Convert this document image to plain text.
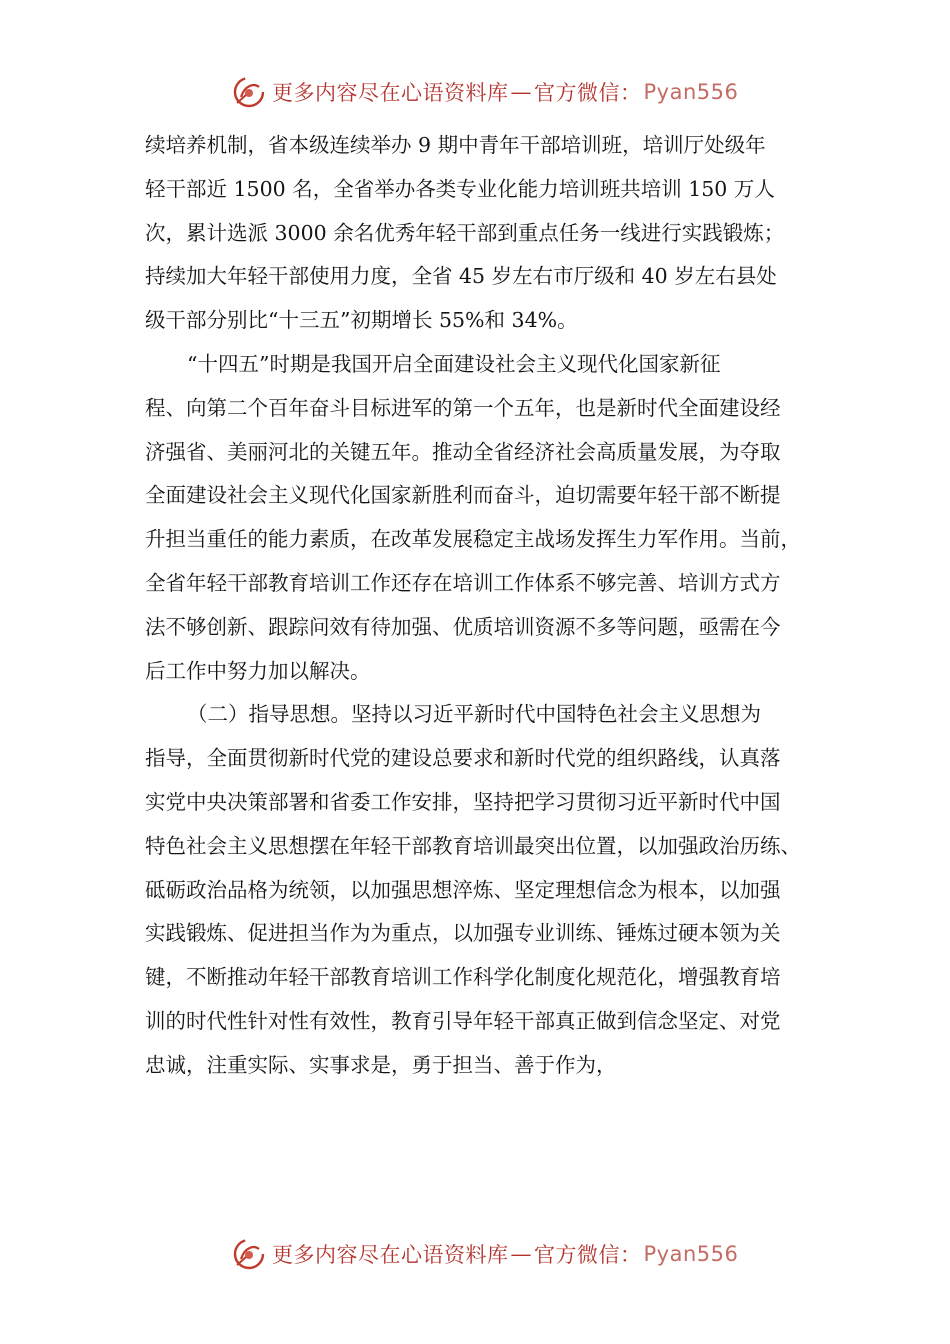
更多内容尽在心语资料库 — 官方微信： Pyan556
续培养机制，省本级连续举办 9 期中青年干部培训班，培训厅处级年
轻干部近 1500 名，全省举办各类专业化能力培训班共培训 150 万人
次，累计选派 3000 余名优秀年轻干部到重点任务一线进行实践锻炼；
持续加大年轻干部使用力度，全省 45 岁左右市厅级和 40 岁左右县处
级干部分别比“十三五”初期增长 55%和 34%。
“十四五”时期是我国开启全面建设社会主义现代化国家新征
程、向第二个百年奋斗目标进军的第一个五年，也是新时代全面建设经
济强省、美丽河北的关键五年。推动全省经济社会高质量发展，为夺取
全面建设社会主义现代化国家新胜利而奋斗，迫切需要年轻干部不断提
升担当重任的能力素质，在改革发展稳定主战场发挥生力军作用。当前，
全省年轻干部教育培训工作还存在培训工作体系不够完善、培训方式方
法不够创新、跟踪问效有待加强、优质培训资源不多等问题，亟需在今
后工作中努力加以解决。
（二）指导思想。坚持以习近平新时代中国特色社会主义思想为
指导，全面贯彻新时代党的建设总要求和新时代党的组织路线，认真落
实党中央决策部署和省委工作安排，坚持把学习贯彻习近平新时代中国
特色社会主义思想摆在年轻干部教育培训最突出位置，以加强政治历练、
砥砺政治品格为统领，以加强思想淬炼、坚定理想信念为根本，以加强
实践锻炼、促进担当作为为重点，以加强专业训练、锤炼过硬本领为关
键，不断推动年轻干部教育培训工作科学化制度化规范化，增强教育培
训的时代性针对性有效性，教育引导年轻干部真正做到信念坚定、对党
忠诚，注重实际、实事求是，勇于担当、善于作为，
更多内容尽在心语资料库 — 官方微信： Pyan556
